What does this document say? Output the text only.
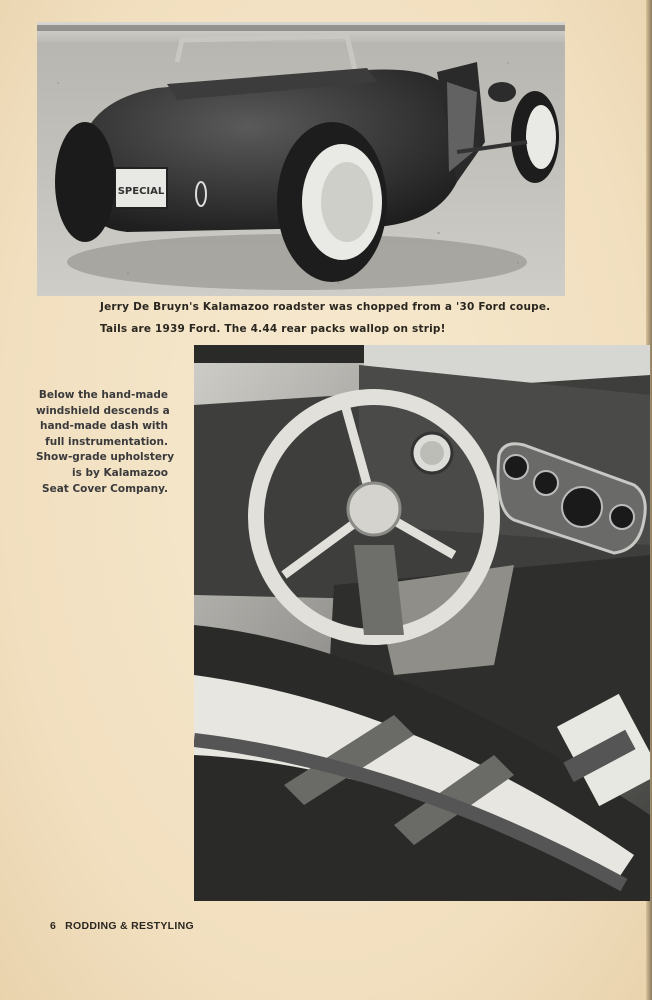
SPECIAL
Jerry De Bruyn's Kalamazoo roadster was chopped from a '30 Ford coupe.
Tails are 1939 Ford. The 4.44 rear packs wallop on strip!
Below the hand-made
windshield descends a
hand-made dash with
full instrumentation.
Show-grade upholstery
is by Kalamazoo
Seat Cover Company.
6 RODDING & RESTYLING
